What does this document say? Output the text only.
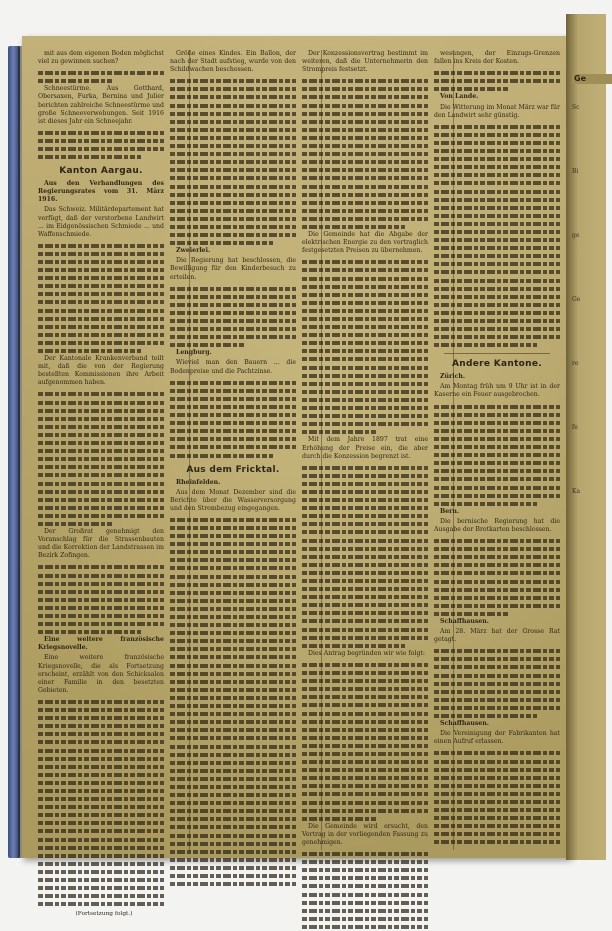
mit aus dem eigenen Boden möglichst viel zu gewinnen suchen?

Schneestürme. Aus Gotthard, Obersaxen, Furka, Bernina und Julier berichten zahlreiche Schneestürme und große Schneeverwehungen. Seit 1916 ist dieses Jahr ein Schneejahr.

Kanton Aargau.

Aus den Verhandlungen des Regierungsrates vom 31. März 1916.

Das Schweiz. Militärdepartement hat verfügt, daß der verstorbene Landwirt ... im Eidgenössischen Schmiede ... und Waffenschmiede.

Der Kantonale Krankenverband teilt mit, daß die von der Regierung bestellten Kommissionen ihre Arbeit aufgenommen haben.

Der Großrat genehmigt den Voranschlag für die Strassenbauten und die Korrektion der Landstrassen im Bezirk Zofingen.

Eine weitere französische Kriegsnovelle.

Eine weitere französische Kriegsnovelle, die als Fortsetzung erscheint, erzählt von den Schicksalen einer Familie in den besetzten Gebieten.

(Fortsetzung folgt.)

Größe eines Kindes. Ein Ballon, der nach der Stadt aufstieg, wurde von den Schildwachen beschossen.

Zweierlei.

Die Regierung hat beschlossen, die Bewilligung für den Kinderbesuch zu erteilen.

Lengburg.

Wieviel man den Bauern ... die Bodenpreise und die Pachtzinse.

Aus dem Fricktal.

Rheinfelden.

Aus dem Monat Dezember sind die Berichte über die Wasserversorgung und den Strombezug eingegangen.

Der Konzessionsvertrag bestimmt im weiteren, daß die Unternehmerin den Strompreis festsetzt.

Die Gemeinde hat die Abgabe der elektrischen Energie zu den vertraglich festgesetzten Preisen zu übernehmen.

Mit dem Jahre 1897 trat eine Erhöhung der Preise ein, die aber durch die Konzession begrenzt ist.

Dies Antrag begründen wir wie folgt:

Die Gemeinde wird ersucht, den Vertrag in der vorliegenden Fassung zu genehmigen.

wesungen, der Einzugs-Grenzen fallen ins Kreis der Kosten.

Von Lande.

Die Witterung im Monat März war für den Landwirt sehr günstig.

Andere Kantone.

Zürich.

Am Montag früh um 9 Uhr ist in der Kaserne ein Feuer ausgebrochen.

Bern.

Die bernische Regierung hat die Ausgabe der Brotkarten beschlossen.

Schaffhausen.

Am 28. März hat der Grosse Rat getagt.

Schaffhausen.

Die Vereinigung der Fabrikanten hat einen Aufruf erlassen.

Ge

Sc

Bi

ge

Ge

re

fe

Ka
